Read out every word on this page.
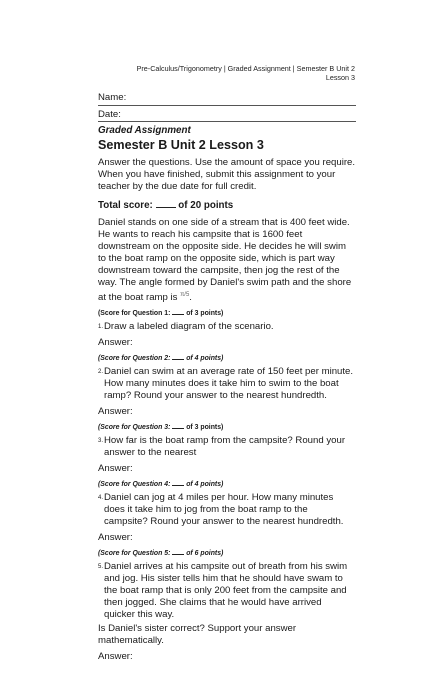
Pre-Calculus/Trigonometry | Graded Assignment | Semester B Unit 2
Lesson 3
Name:
Date:

Graded Assignment

Semester B Unit 2 Lesson 3

Answer the questions. Use the amount of space you require. When you have finished, submit this assignment to your teacher by the due date for full credit.

Total score:	of 20 points

Daniel stands on one side of a stream that is 400 feet wide. He wants to reach his campsite that is 1600 feet downstream on the opposite side. He decides he will swim to the boat ramp on the opposite side, which is part way downstream toward the campsite, then jog the rest of the way. The angle formed by Daniel's swim path and the shore at the boat ramp is $^{\pi/5}$.

(Score for Question 1: of 3 points)
1. Draw a labeled diagram of the scenario.

Answer:

(Score for Question 2: of 4 points)
2. Daniel can swim at an average rate of 150 feet per minute. How many minutes does it take him to swim to the boat ramp? Round your answer to the nearest hundredth.

Answer:

(Score for Question 3: of 3 points)
3. How far is the boat ramp from the campsite? Round your answer to the nearest

Answer:

(Score for Question 4: of 4 points)
4. Daniel can jog at 4 miles per hour. How many minutes does it take him to jog from the boat ramp to the campsite? Round your answer to the nearest hundredth.

Answer:

(Score for Question 5: of 6 points)
5. Daniel arrives at his campsite out of breath from his swim and jog. His sister tells him that he should have swam to the boat ramp that is only 200 feet from the campsite and then jogged. She claims that he would have arrived quicker this way.

Is Daniel's sister correct? Support your answer mathematically.

Answer:
